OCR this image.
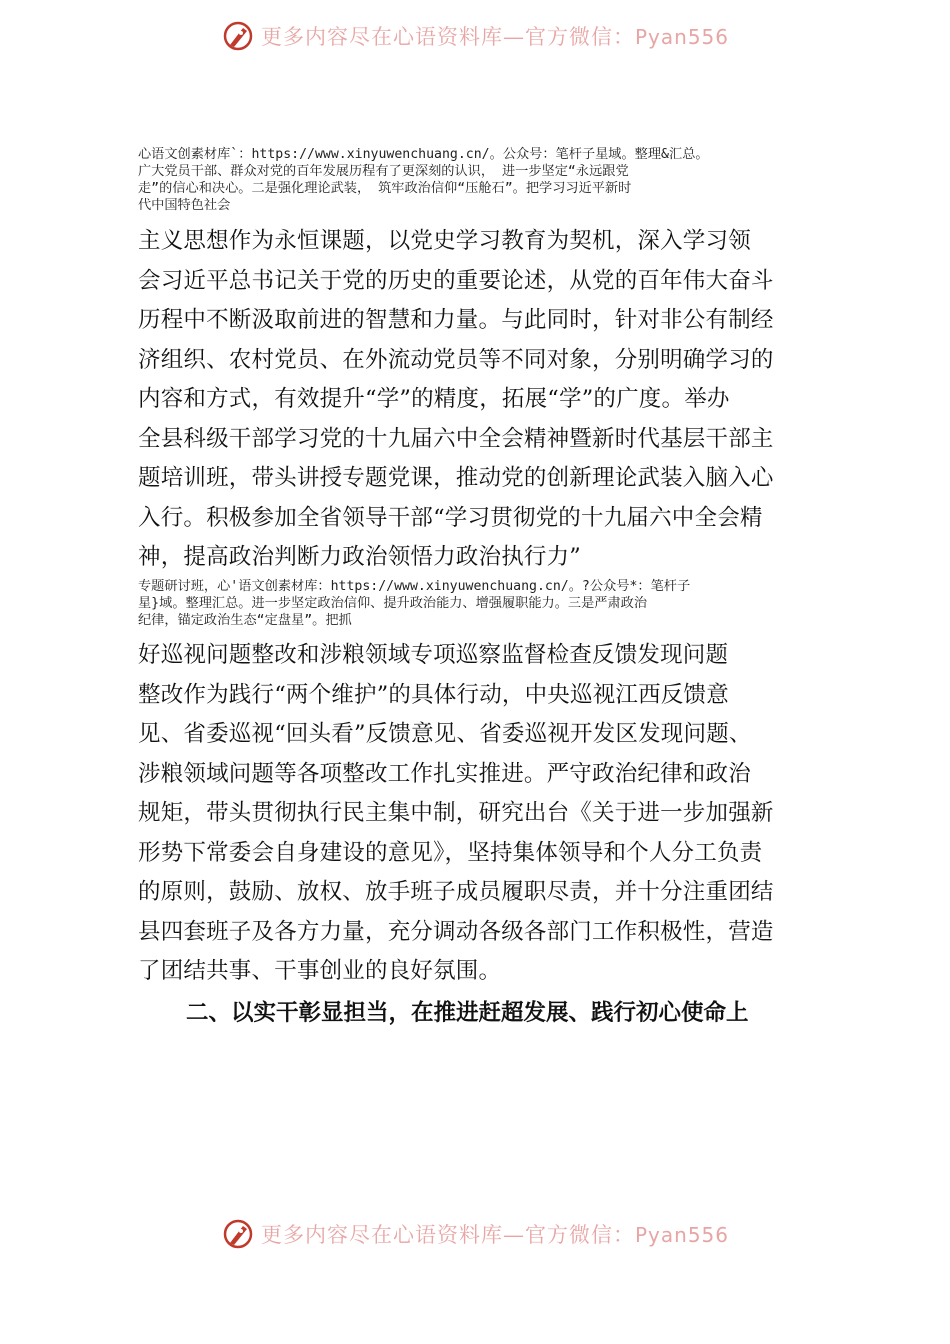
更多内容尽在心语资料库—官方微信：Pyan556
心语文创素材库`：https://www.xinyuwenchuang.cn/。公众号：笔杆子星域。整理&汇总。
广大党员干部、群众对党的百年发展历程有了更深刻的认识， 进一步坚定“永远跟党
走”的信心和决心。二是强化理论武装， 筑牢政治信仰“压舱石”。把学习习近平新时
代中国特色社会
主义思想作为永恒课题，以党史学习教育为契机，深入学习领
会习近平总书记关于党的历史的重要论述，从党的百年伟大奋斗
历程中不断汲取前进的智慧和力量。与此同时，针对非公有制经
济组织、农村党员、在外流动党员等不同对象，分别明确学习的
内容和方式，有效提升“学”的精度，拓展“学”的广度。举办
全县科级干部学习党的十九届六中全会精神暨新时代基层干部主
题培训班，带头讲授专题党课，推动党的创新理论武装入脑入心
入行。积极参加全省领导干部“学习贯彻党的十九届六中全会精
神，提高政治判断力政治领悟力政治执行力”
专题研讨班，心'语文创素材库：https://www.xinyuwenchuang.cn/。?公众号*：笔杆子
星}域。整理汇总。进一步坚定政治信仰、提升政治能力、增强履职能力。三是严肃政治
纪律，锚定政治生态“定盘星”。把抓
好巡视问题整改和涉粮领域专项巡察监督检查反馈发现问题
整改作为践行“两个维护”的具体行动，中央巡视江西反馈意
见、省委巡视“回头看”反馈意见、省委巡视开发区发现问题、
涉粮领域问题等各项整改工作扎实推进。严守政治纪律和政治
规矩，带头贯彻执行民主集中制，研究出台《关于进一步加强新
形势下常委会自身建设的意见》，坚持集体领导和个人分工负责
的原则，鼓励、放权、放手班子成员履职尽责，并十分注重团结
县四套班子及各方力量，充分调动各级各部门工作积极性，营造
了团结共事、干事创业的良好氛围。
二、以实干彰显担当，在推进赶超发展、践行初心使命上
更多内容尽在心语资料库—官方微信：Pyan556
